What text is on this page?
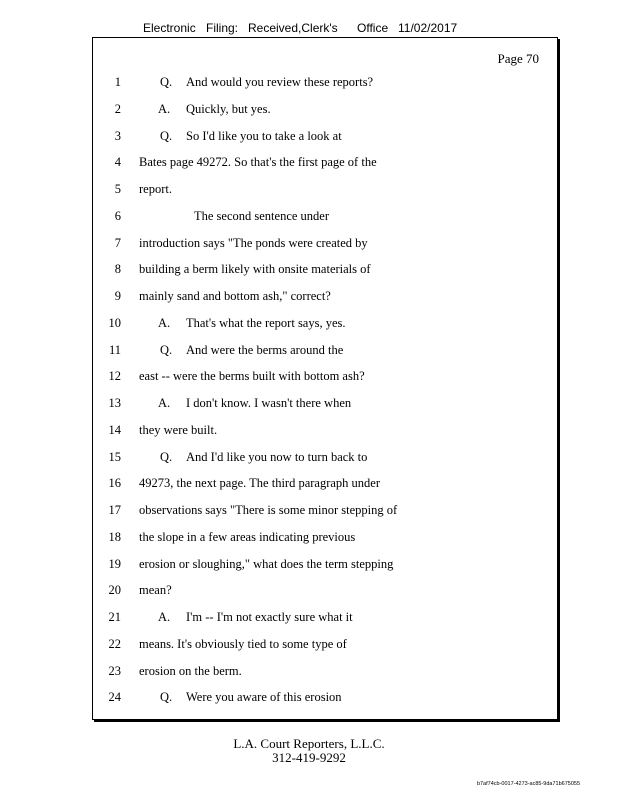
Electronic Filing: Received,Clerk's Office 11/02/2017
Page 70
1	Q. And would you review these reports?
2	A. Quickly, but yes.
3	Q. So I'd like you to take a look at
4 Bates page 49272. So that's the first page of the
5 report.
6	The second sentence under
7 introduction says "The ponds were created by
8 building a berm likely with onsite materials of
9 mainly sand and bottom ash," correct?
10	A. That's what the report says, yes.
11	Q. And were the berms around the
12 east -- were the berms built with bottom ash?
13	A. I don't know. I wasn't there when
14 they were built.
15	Q. And I'd like you now to turn back to
16 49273, the next page. The third paragraph under
17 observations says "There is some minor stepping of
18 the slope in a few areas indicating previous
19 erosion or sloughing," what does the term stepping
20 mean?
21	A. I'm -- I'm not exactly sure what it
22 means. It's obviously tied to some type of
23 erosion on the berm.
24	Q. Were you aware of this erosion
L.A. Court Reporters, L.L.C.
312-419-9292
b7af74cb-0017-4273-ac85-9da71b675055
